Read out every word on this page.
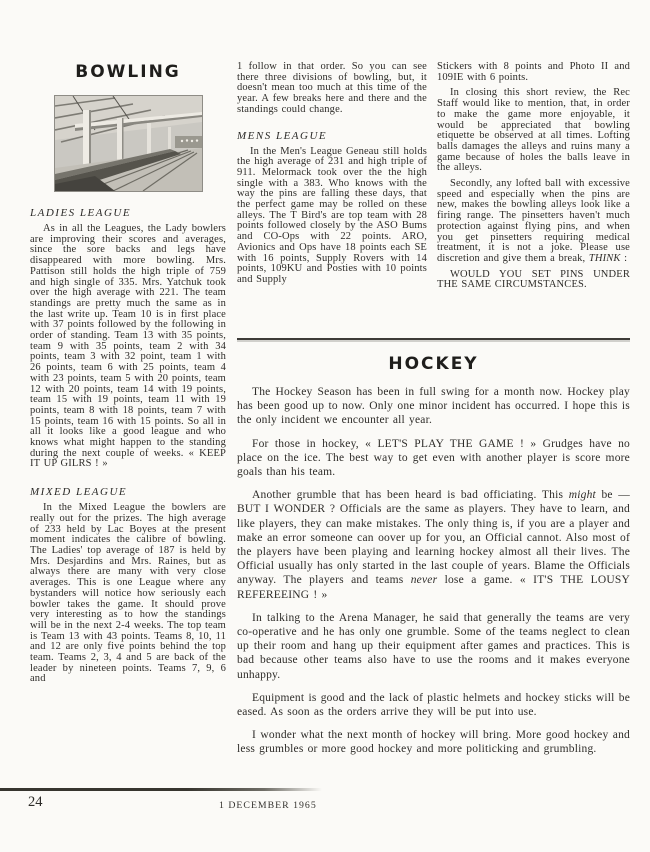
BOWLING
LADIES LEAGUE

As in all the Leagues, the Lady bowlers are improving their scores and averages, since the sore backs and legs have disappeared with more bowling. Mrs. Pattison still holds the high triple of 759 and high single of 335. Mrs. Yatchuk took over the high average with 221. The team standings are pretty much the same as in the last write up. Team 10 is in first place with 37 points followed by the following in order of standing. Team 13 with 35 points, team 9 with 35 points, team 2 with 34 points, team 3 with 32 point, team 1 with 26 points, team 6 with 25 points, team 4 with 23 points, team 5 with 20 points, team 12 with 20 points, team 14 with 19 points, team 15 with 19 points, team 11 with 19 points, team 8 with 18 points, team 7 with 15 points, team 16 with 15 points. So all in all it looks like a good league and who knows what might happen to the standing during the next couple of weeks. « KEEP IT UP GILRS ! »

MIXED LEAGUE

In the Mixed League the bowlers are really out for the prizes. The high average of 233 held by Lac Boyes at the present moment indicates the calibre of bowling. The Ladies' top average of 187 is held by Mrs. Desjardins and Mrs. Raines, but as always there are many with very close averages. This is one League where any bystanders will notice how seriously each bowler takes the game. It should prove very interesting as to how the standings will be in the next 2-4 weeks. The top team is Team 13 with 43 points. Teams 8, 10, 11 and 12 are only five points behind the top team. Teams 2, 3, 4 and 5 are back of the leader by nineteen points. Teams 7, 9, 6 and

1 follow in that order. So you can see there three divisions of bowling, but, it doesn't mean too much at this time of the year. A few breaks here and there and the standings could change.

MENS LEAGUE

In the Men's League Geneau still holds the high average of 231 and high triple of 911. Melormack took over the the high single with a 383. Who knows with the way the pins are falling these days, that the perfect game may be rolled on these alleys. The T Bird's are top team with 28 points followed closely by the ASO Bums and CO-Ops with 22 points. ARO, Avionics and Ops have 18 points each SE with 16 points, Supply Rovers with 14 points, 109KU and Posties with 10 points and Supply

Stickers with 8 points and Photo II and 109IE with 6 points.

In closing this short review, the Rec Staff would like to mention, that, in order to make the game more enjoyable, it would be appreciated that bowling etiquette be observed at all times. Lofting balls damages the alleys and ruins many a game because of holes the balls leave in the alleys.

Secondly, any lofted ball with excessive speed and especially when the pins are new, makes the bowling alleys look like a firing range. The pinsetters haven't much protection against flying pins, and when you get pinsetters requiring medical treatment, it is not a joke. Please use discretion and give them a break, THINK :

WOULD YOU SET PINS UNDER THE SAME CIRCUMSTANCES.

HOCKEY

The Hockey Season has been in full swing for a month now. Hockey play has been good up to now. Only one minor incident has occurred. I hope this is the only incident we encounter all year.

For those in hockey, « LET'S PLAY THE GAME ! » Grudges have no place on the ice. The best way to get even with another player is score more goals than his team.

Another grumble that has been heard is bad officiating. This might be — BUT I WONDER ? Officials are the same as players. They have to learn, and like players, they can make mistakes. The only thing is, if you are a player and make an error someone can oover up for you, an Official cannot. Also most of the players have been playing and learning hockey almost all their lives. The Official usually has only started in the last couple of years. Blame the Officials anyway. The players and teams never lose a game. « IT'S THE LOUSY REFEREEING ! »

In talking to the Arena Manager, he said that generally the teams are very co-operative and he has only one grumble. Some of the teams neglect to clean up their room and hang up their equipment after games and practices. This is bad because other teams also have to use the rooms and it makes everyone unhappy.

Equipment is good and the lack of plastic helmets and hockey sticks will be eased. As soon as the orders arrive they will be put into use.

I wonder what the next month of hockey will bring. More good hockey and less grumbles or more good hockey and more politicking and grumbling.

24	1 DECEMBER 1965
